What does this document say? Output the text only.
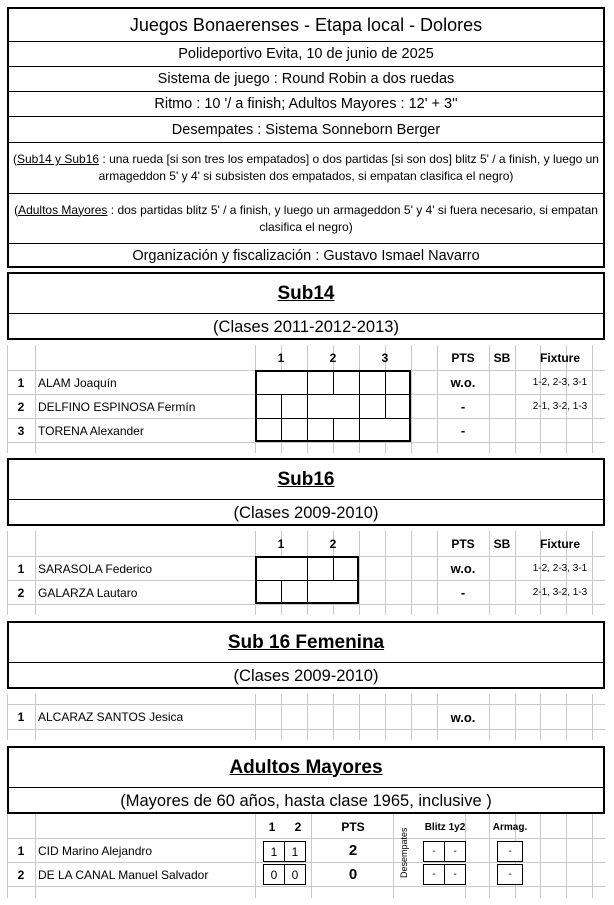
Juegos Bonaerenses - Etapa local - Dolores
Polideportivo Evita, 10 de junio de 2025
Sistema de juego : Round Robin a dos ruedas
Ritmo : 10 '/ a finish; Adultos Mayores : 12' + 3''
Desempates : Sistema Sonneborn Berger
(Sub14 y Sub16 : una rueda [si son tres los empatados] o dos partidas [si son dos] blitz 5' / a finish, y luego un armageddon 5' y 4' si subsisten dos empatados, si empatan clasifica el negro)
(Adultos Mayores : dos partidas blitz 5' / a finish, y luego un armageddon 5' y 4' si fuera necesario, si empatan clasifica el negro)
Organización y fiscalización : Gustavo Ismael Navarro
Sub14
(Clases 2011-2012-2013)
1	2	3	PTS	SB	Fixture
1	ALAM Joaquín	w.o.	1-2, 2-3, 3-1
2	DELFINO ESPINOSA Fermín	-	2-1, 3-2, 1-3
3	TORENA Alexander	-
Sub16
(Clases 2009-2010)
1	2	PTS	SB	Fixture
1	SARASOLA Federico	w.o.	1-2, 2-3, 3-1
2	GALARZA Lautaro	-	2-1, 3-2, 1-3
Sub 16 Femenina
(Clases 2009-2010)
1	ALCARAZ SANTOS Jesica	w.o.
Adultos Mayores
(Mayores de 60 años, hasta clase 1965, inclusive )
1	2	PTS	Blitz 1y2	Armag.
Desempates
1	CID Marino Alejandro	1	1	2	-	-	-
2	DE LA CANAL Manuel Salvador	0	0	0	-	-	-
